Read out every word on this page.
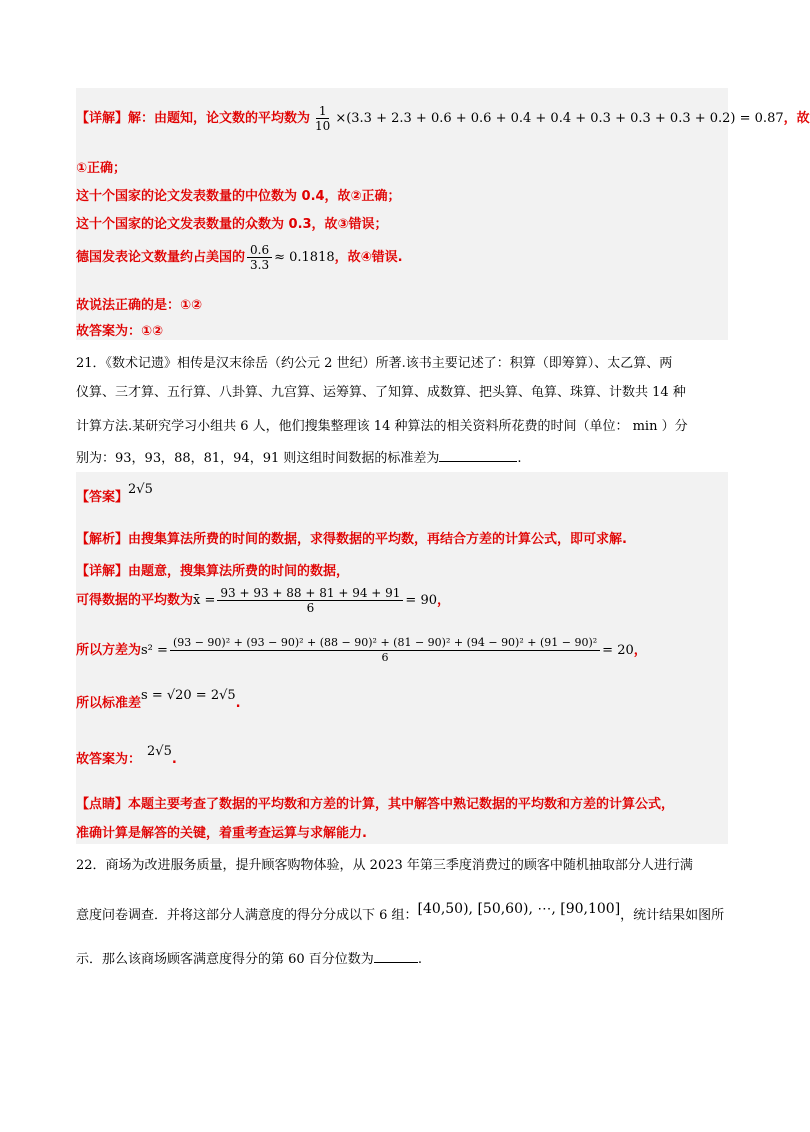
【详解】解：由题知，论文数的平均数为 $\frac{1}{10} \times(3.3 + 2.3 + 0.6 + 0.6 + 0.4 + 0.4 + 0.3 + 0.3 + 0.3 + 0.2) = 0.87$，故
①正确；
这十个国家的论文发表数量的中位数为 0.4，故②正确；
这十个国家的论文发表数量的众数为 0.3，故③错误；
德国发表论文数量约占美国的 $\frac{0.6}{3.3} \approx 0.1818$，故④错误.
故说法正确的是：①②
故答案为：①②
21．《数术记遗》相传是汉末徐岳（约公元 2 世纪）所著.该书主要记述了：积算（即筹算）、太乙算、两
仪算、三才算、五行算、八卦算、九宫算、运筹算、了知算、成数算、把头算、龟算、珠算、计数共 14 种
计算方法.某研究学习小组共 6 人，他们搜集整理该 14 种算法的相关资料所花费的时间（单位： min ）分
别为：93，93，88，81，94，91 则这组时间数据的标准差为	.
【答案】2√5
【解析】由搜集算法所费的时间的数据，求得数据的平均数，再结合方差的计算公式，即可求解.
【详解】由题意，搜集算法所费的时间的数据，
可得数据的平均数为x̄ = $\frac{93 + 93 + 88 + 81 + 94 + 91}{6} = 90$，
所以方差为s² =
(93 − 90)² + (93 − 90)² + (88 − 90)² + (81 − 90)² + (94 − 90)² + (91 − 90)²
6	= 20，
所以标准差s = √20 = 2√5.
故答案为：2√5.
【点睛】本题主要考查了数据的平均数和方差的计算，其中解答中熟记数据的平均数和方差的计算公式，
准确计算是解答的关键，着重考查运算与求解能力.
22．商场为改进服务质量，提升顾客购物体验，从 2023 年第三季度消费过的顾客中随机抽取部分人进行满
意度问卷调查．并将这部分人满意度的得分分成以下 6 组：[40,50), [50,60), ⋯, [90,100]，统计结果如图所
示．那么该商场顾客满意度得分的第 60 百分位数为	.
